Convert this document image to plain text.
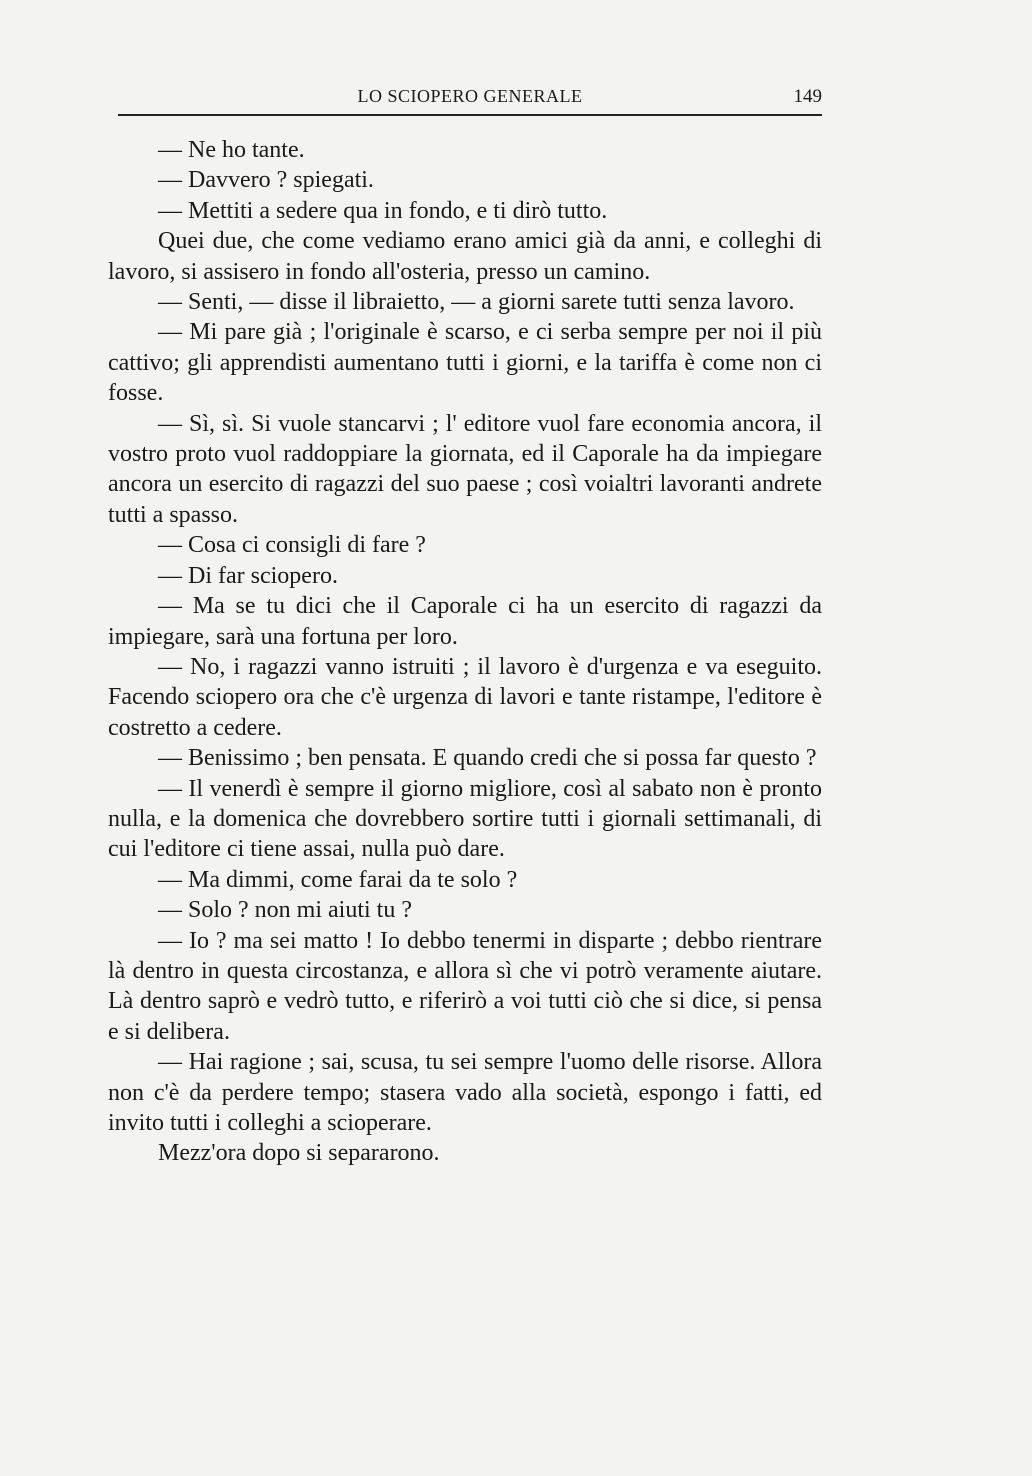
LO SCIOPERO GENERALE	149

— Ne ho tante.

— Davvero ? spiegati.

— Mettiti a sedere qua in fondo, e ti dirò tutto.

Quei due, che come vediamo erano amici già da anni, e colleghi di lavoro, si assisero in fondo all'osteria, presso un camino.

— Senti, — disse il libraietto, — a giorni sarete tutti senza lavoro.

— Mi pare già ; l'originale è scarso, e ci serba sempre per noi il più cattivo; gli apprendisti aumentano tutti i giorni, e la tariffa è come non ci fosse.

— Sì, sì. Si vuole stancarvi ; l' editore vuol fare economia ancora, il vostro proto vuol raddoppiare la giornata, ed il Caporale ha da impiegare ancora un esercito di ragazzi del suo paese ; così voialtri lavoranti andrete tutti a spasso.

— Cosa ci consigli di fare ?

— Di far sciopero.

— Ma se tu dici che il Caporale ci ha un esercito di ragazzi da impiegare, sarà una fortuna per loro.

— No, i ragazzi vanno istruiti ; il lavoro è d'urgenza e va eseguito. Facendo sciopero ora che c'è urgenza di lavori e tante ristampe, l'editore è costretto a cedere.

— Benissimo ; ben pensata. E quando credi che si possa far questo ?

— Il venerdì è sempre il giorno migliore, così al sabato non è pronto nulla, e la domenica che dovrebbero sortire tutti i giornali settimanali, di cui l'editore ci tiene assai, nulla può dare.

— Ma dimmi, come farai da te solo ?

— Solo ? non mi aiuti tu ?

— Io ? ma sei matto ! Io debbo tenermi in disparte ; debbo rientrare là dentro in questa circostanza, e allora sì che vi potrò veramente aiutare. Là dentro saprò e vedrò tutto, e riferirò a voi tutti ciò che si dice, si pensa e si delibera.

— Hai ragione ; sai, scusa, tu sei sempre l'uomo delle risorse. Allora non c'è da perdere tempo; stasera vado alla società, espongo i fatti, ed invito tutti i colleghi a scioperare.

Mezz'ora dopo si separarono.
